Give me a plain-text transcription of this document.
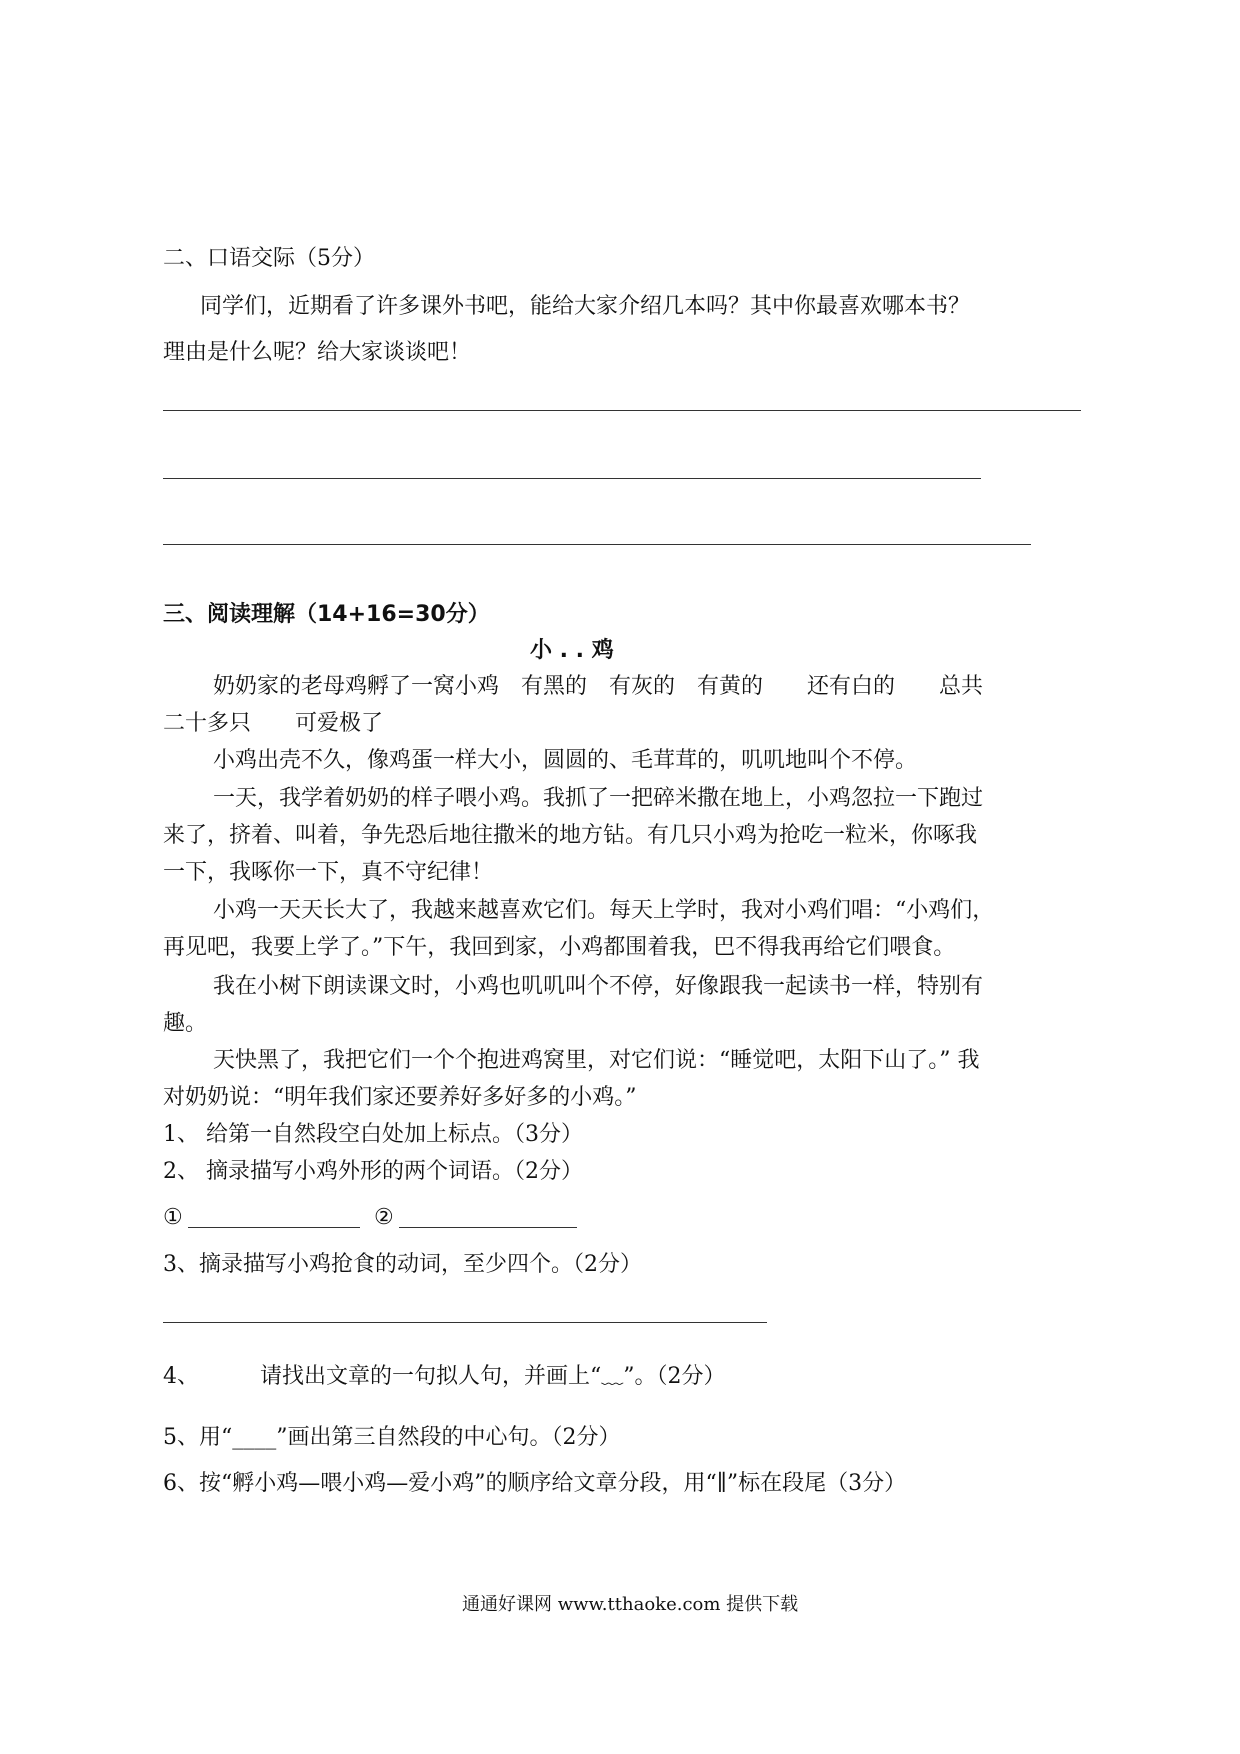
二、口语交际（5分）
同学们，近期看了许多课外书吧，能给大家介绍几本吗？其中你最喜欢哪本书？
理由是什么呢？给大家谈谈吧！
三、阅读理解（14+16=30分）
小 . . 鸡
奶奶家的老母鸡孵了一窝小鸡　有黑的　有灰的　有黄的　　还有白的　　总共
二十多只　　可爱极了
小鸡出壳不久，像鸡蛋一样大小，圆圆的、毛茸茸的，叽叽地叫个不停。
一天，我学着奶奶的样子喂小鸡。我抓了一把碎米撒在地上，小鸡忽拉一下跑过
来了，挤着、叫着，争先恐后地往撒米的地方钻。有几只小鸡为抢吃一粒米，你啄我
一下，我啄你一下，真不守纪律！
小鸡一天天长大了，我越来越喜欢它们。每天上学时，我对小鸡们唱：“小鸡们，
再见吧，我要上学了。”下午，我回到家，小鸡都围着我，巴不得我再给它们喂食。
我在小树下朗读课文时，小鸡也叽叽叫个不停，好像跟我一起读书一样，特别有
趣。
天快黑了，我把它们一个个抱进鸡窝里，对它们说：“睡觉吧，太阳下山了。” 我
对奶奶说：“明年我们家还要养好多好多的小鸡。”
1、 给第一自然段空白处加上标点。（3分）
2、 摘录描写小鸡外形的两个词语。（2分）
①	②
3、摘录描写小鸡抢食的动词，至少四个。（2分）
4、	请找出文章的一句拟人句，并画上“﹏”。（2分）
5、用“____”画出第三自然段的中心句。（2分）
6、按“孵小鸡—喂小鸡—爱小鸡”的顺序给文章分段，用“∥”标在段尾（3分）
通通好课网 www.tthaoke.com 提供下载
